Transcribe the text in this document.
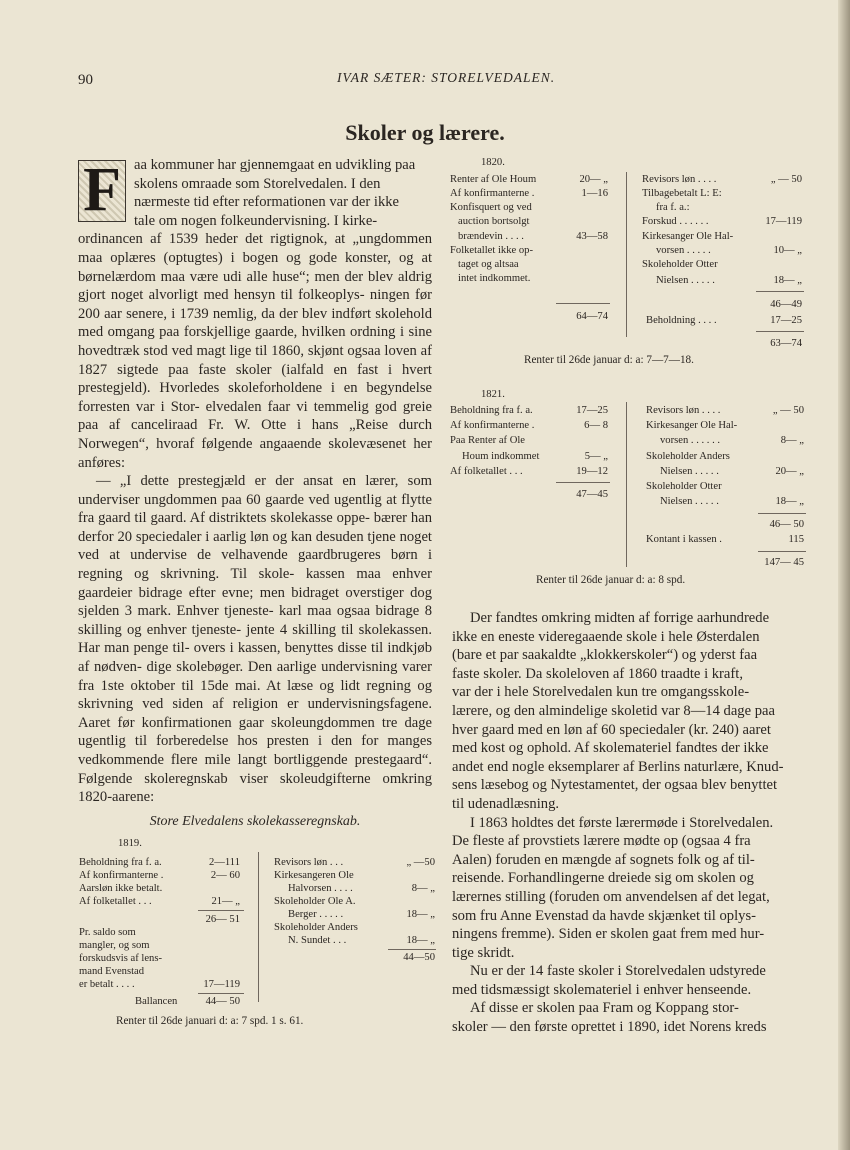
90	IVAR SÆTER: STORELVEDALEN.
Skoler og lærere.
F aa kommuner har gjennemgaat en udvikling paa
skolens omraade som Storelvedalen. I den
nærmeste tid efter reformationen var der ikke
tale om nogen folkeundervisning. I kirke-
ordinancen af 1539 heder det rigtignok, at „ungdommen maa oplæres (optugtes) i bogen og gode konster, og at børnelærdom maa være udi alle huse“; men der blev aldrig gjort noget alvorligt med hensyn til folkeoplys- ningen før 200 aar senere, i 1739 nemlig, da der blev indført skolehold med omgang paa forskjellige gaarde, hvilken ordning i sine hovedtræk stod ved magt lige til 1860, skjønt ogsaa loven af 1827 sigtede paa faste skoler (ialfald en fast i hvert prestegjeld). Hvorledes skoleforholdene i en begyndelse forresten var i Stor- elvedalen faar vi temmelig god greie paa af canceliraad Fr. W. Otte i hans „Reise durch Norwegen“, hvoraf følgende angaaende skolevæsenet her anføres:

— „I dette prestegjæld er der ansat en lærer, som underviser ungdommen paa 60 gaarde ved ugentlig at flytte fra gaard til gaard. Af distriktets skolekasse oppe- bærer han derfor 20 speciedaler i aarlig løn og kan desuden tjene noget ved at undervise de velhavende gaardbrugeres børn i regning og skrivning. Til skole- kassen maa enhver gaardeier bidrage efter evne; men bidraget overstiger dog sjelden 3 mark. Enhver tjeneste- karl maa ogsaa bidrage 8 skilling og enhver tjeneste- jente 4 skilling til skolekassen. Har man penge til- overs i kassen, benyttes disse til indkjøb af nødven- dige skolebøger. Den aarlige undervisning varer fra 1ste oktober til 15de mai. At læse og lidt regning og skrivning ved siden af religion er undervisningsfagene. Aaret før konfirmationen gaar skoleungdommen tre dage ugentlig til forberedelse hos presten i den for manges vedkommende flere mile langt bortliggende prestegaard“. Følgende skoleregnskab viser skoleudgifterne omkring 1820-aarene:

Store Elvedalens skolekasseregnskab.
1819.
Beholdning fra f. a.	2—111
Af konfirmanterne .	2— 60
Aarsløn ikke betalt.
Af folketallet . . .	21— „
26— 51
Pr. saldo som
mangler, og som
forskudsvis af lens-
mand Evenstad
er betalt . . . .	17—119
Ballancen	44— 50
Revisors løn . . .	„ —50
Kirkesangeren Ole
Halvorsen . . . .	8— „
Skoleholder Ole A.
Berger . . . . .	18— „
Skoleholder Anders
N. Sundet . . .	18— „
44—50
Renter til 26de januari d: a: 7 spd. 1 s. 61.
1820.
Renter af Ole Houm	20— „
Af konfirmanterne .	1—16
Konfisquert og ved
auction bortsolgt
brændevin . . . .	43—58
Folketallet ikke op-
taget og altsaa
intet indkommet.
64—74
Revisors løn . . . .	„ — 50
Tilbagebetalt L: E:
fra f. a.:
Forskud . . . . . .	17—119
Kirkesanger Ole Hal-
vorsen . . . . .	10— „
Skoleholder Otter
Nielsen . . . . .	18— „
46—49
Beholdning . . . .	17—25
63—74
Renter til 26de januar d: a: 7—7—18.
1821.
Beholdning fra f. a.	17—25
Af konfirmanterne .	6— 8
Paa Renter af Ole
Houm indkommet	5— „
Af folketallet . . .	19—12
47—45
Revisors løn . . . .	„ — 50
Kirkesanger Ole Hal-
vorsen . . . . . .	8— „
Skoleholder Anders
Nielsen . . . . .	20— „
Skoleholder Otter
Nielsen . . . . .	18— „
46— 50
Kontant i kassen .	115
147— 45
Renter til 26de januar d: a: 8 spd.
Der fandtes omkring midten af forrige aarhundrede
ikke en eneste videregaaende skole i hele Østerdalen
(bare et par saakaldte „klokkerskoler“) og yderst faa
faste skoler. Da skoleloven af 1860 traadte i kraft,
var der i hele Storelvedalen kun tre omgangsskole-
lærere, og den almindelige skoletid var 8—14 dage paa
hver gaard med en løn af 60 speciedaler (kr. 240) aaret
med kost og ophold. Af skolemateriel fandtes der ikke
andet end nogle eksemplarer af Berlins naturlære, Knud-
sens læsebog og Nytestamentet, der ogsaa blev benyttet
til udenadlæsning.
I 1863 holdtes det første lærermøde i Storelvedalen.
De fleste af provstiets lærere mødte op (ogsaa 4 fra
Aalen) foruden en mængde af sognets folk og af til-
reisende. Forhandlingerne dreiede sig om skolen og
lærernes stilling (foruden om anvendelsen af det legat,
som fru Anne Evenstad da havde skjænket til oplys-
ningens fremme). Siden er skolen gaat frem med hur-
tige skridt.
Nu er der 14 faste skoler i Storelvedalen udstyrede
med tidsmæssigt skolemateriel i enhver henseende.
Af disse er skolen paa Fram og Koppang stor-
skoler — den første oprettet i 1890, idet Norens kreds
